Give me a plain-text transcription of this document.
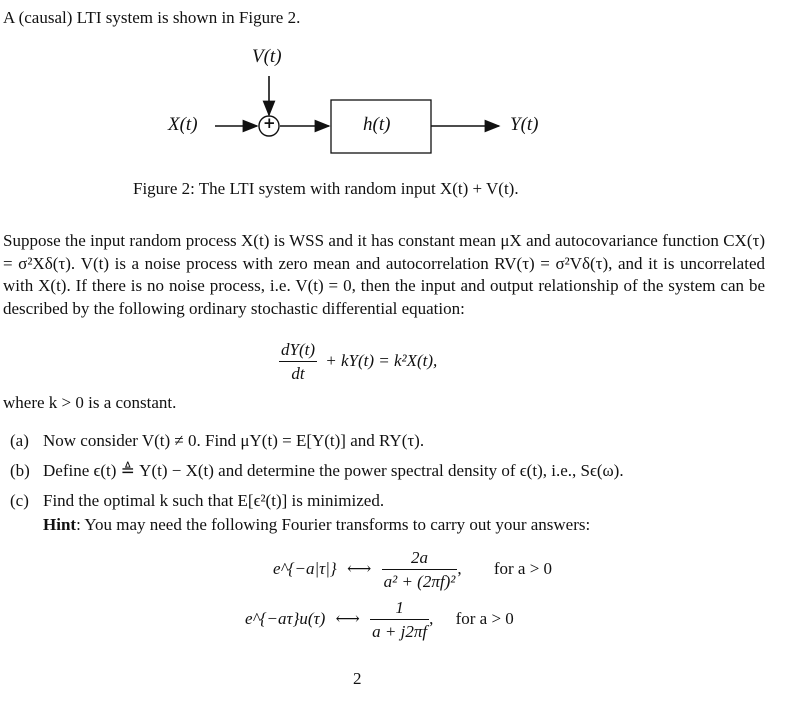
A (causal) LTI system is shown in Figure 2.
V(t)
X(t)	+	h(t)	Y(t)
Figure 2: The LTI system with random input X(t) + V(t).
Suppose the input random process X(t) is WSS and it has constant mean μX and autocovariance function CX(τ) = σ²Xδ(τ). V(t) is a noise process with zero mean and autocorrelation RV(τ) = σ²Vδ(τ), and it is uncorrelated with X(t). If there is no noise process, i.e. V(t) = 0, then the input and output relationship of the system can be described by the following ordinary stochastic differential equation:
$\frac{dY(t)}{dt} + kY(t) = k^2X(t)$,
where k > 0 is a constant.
(a) Now consider V(t) ≠ 0. Find μY(t) = E[Y(t)] and RY(τ).
(b) Define ϵ(t) ≜ Y(t) − X(t) and determine the power spectral density of ϵ(t), i.e., Sϵ(ω).
(c) Find the optimal k such that E[ϵ²(t)] is minimized.
Hint: You may need the following Fourier transforms to carry out your answers:
e^{−a|τ|} ⟷ $\frac{2a}{\text{a² + (2πf)²}}$ , for a > 0
e^{−aτ}u(τ) ⟷ $\frac{1}{a + j2\pi f}$ , for a > 0
2
